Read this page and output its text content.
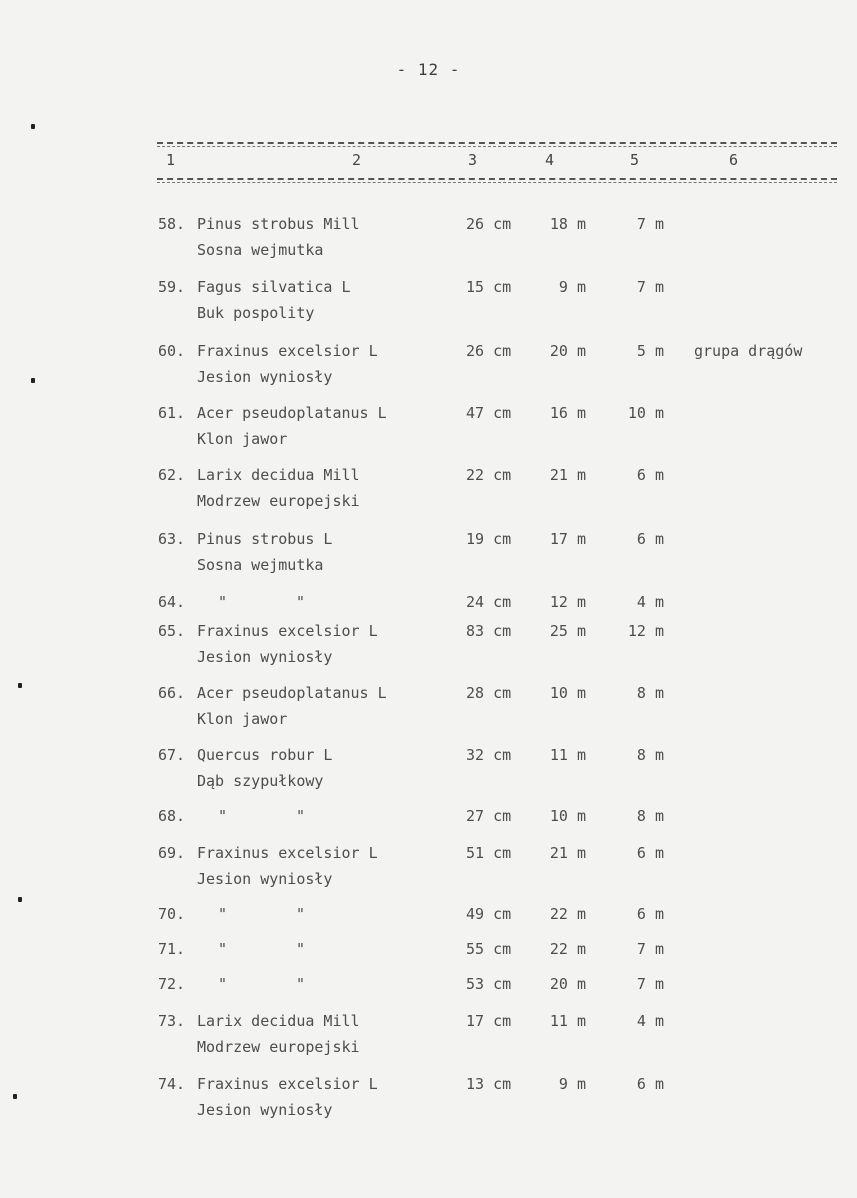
- 12 -
1	2	3	4	5	6
58. Pinus strobus Mill
Sosna wejmutka
26 cm	18 m	7 m
59. Fagus silvatica L
Buk pospolity
15 cm	9 m	7 m
60. Fraxinus excelsior L
Jesion wyniosły
26 cm	20 m	5 m grupa drągów
61. Acer pseudoplatanus L
Klon jawor
47 cm	16 m	10 m
62. Larix decidua Mill
Modrzew europejski
22 cm	21 m	6 m
63. Pinus strobus L
Sosna wejmutka
19 cm	17 m	6 m
64. "	"	24 cm	12 m	4 m
65. Fraxinus excelsior L
Jesion wyniosły
83 cm	25 m	12 m
66. Acer pseudoplatanus L
Klon jawor
28 cm	10 m	8 m
67. Quercus robur L
Dąb szypułkowy
32 cm	11 m	8 m
68. "	"	27 cm	10 m	8 m
69. Fraxinus excelsior L
Jesion wyniosły
51 cm	21 m	6 m
70. "	"	49 cm	22 m	6 m
71. "	"	55 cm	22 m	7 m
72. "	"	53 cm	20 m	7 m
73. Larix decidua Mill
Modrzew europejski
17 cm	11 m	4 m
74. Fraxinus excelsior L
Jesion wyniosły
13 cm	9 m	6 m
